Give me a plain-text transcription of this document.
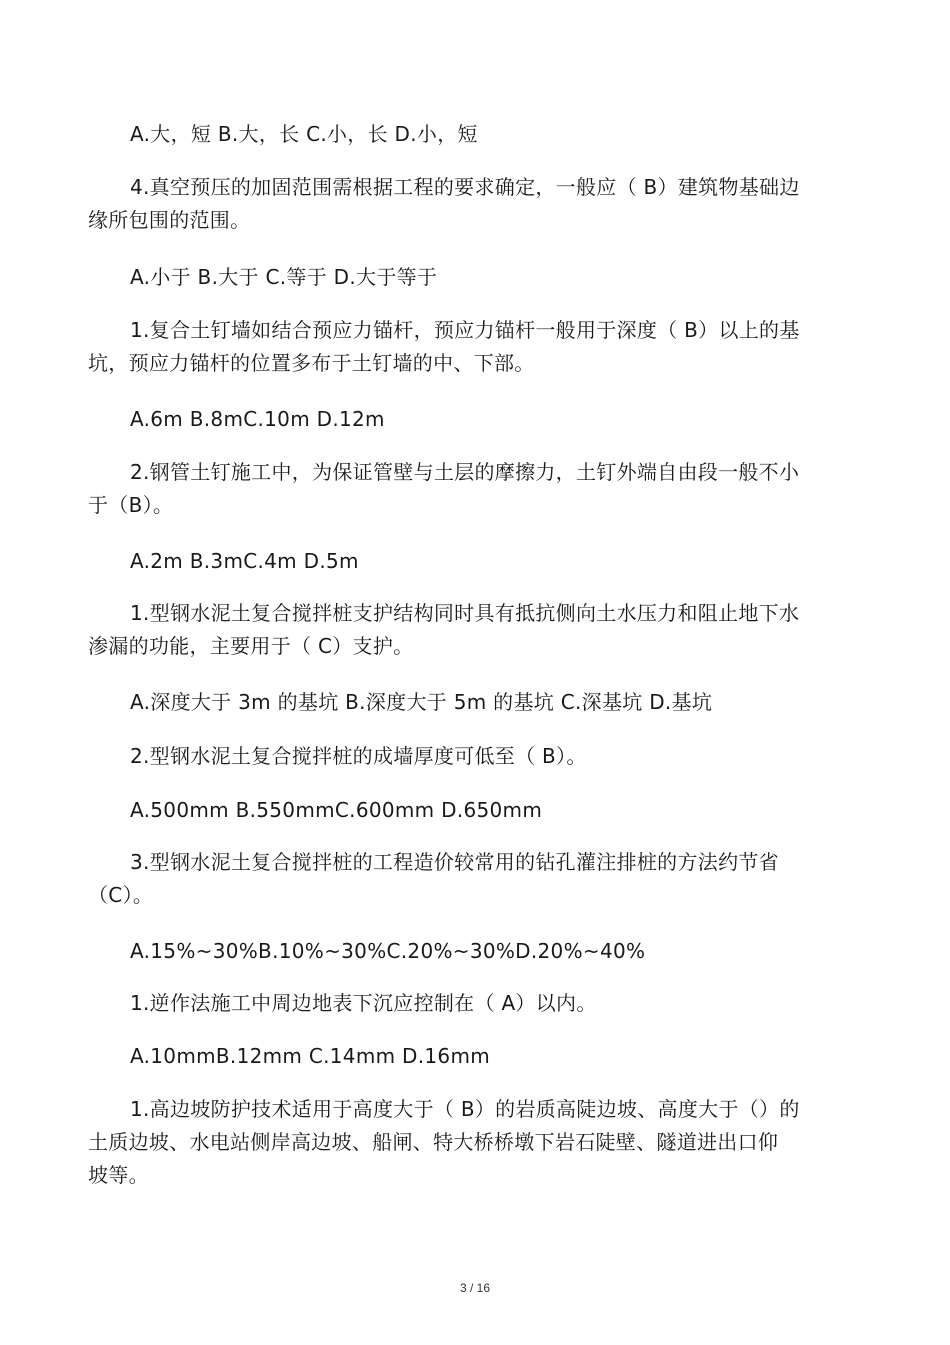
A.大，短 B.大，长 C.小，长 D.小，短
4.真空预压的加固范围需根据工程的要求确定，一般应（ B）建筑物基础边
缘所包围的范围。
A.小于 B.大于 C.等于 D.大于等于
1.复合土钉墙如结合预应力锚杆，预应力锚杆一般用于深度（ B）以上的基
坑，预应力锚杆的位置多布于土钉墙的中、下部。
A.6m B.8mC.10m D.12m
2.钢管土钉施工中，为保证管壁与土层的摩擦力，土钉外端自由段一般不小
于（B）。
A.2m B.3mC.4m D.5m
1.型钢水泥土复合搅拌桩支护结构同时具有抵抗侧向土水压力和阻止地下水
渗漏的功能，主要用于（ C）支护。
A.深度大于 3m 的基坑 B.深度大于 5m 的基坑 C.深基坑 D.基坑
2.型钢水泥土复合搅拌桩的成墙厚度可低至（ B）。
A.500mm B.550mmC.600mm D.650mm
3.型钢水泥土复合搅拌桩的工程造价较常用的钻孔灌注排桩的方法约节省
（C）。
A.15%~30%B.10%~30%C.20%~30%D.20%~40%
1.逆作法施工中周边地表下沉应控制在（ A）以内。
A.10mmB.12mm C.14mm D.16mm
1.高边坡防护技术适用于高度大于（ B）的岩质高陡边坡、高度大于（）的
土质边坡、水电站侧岸高边坡、船闸、特大桥桥墩下岩石陡壁、隧道进出口仰
坡等。
3 / 16
